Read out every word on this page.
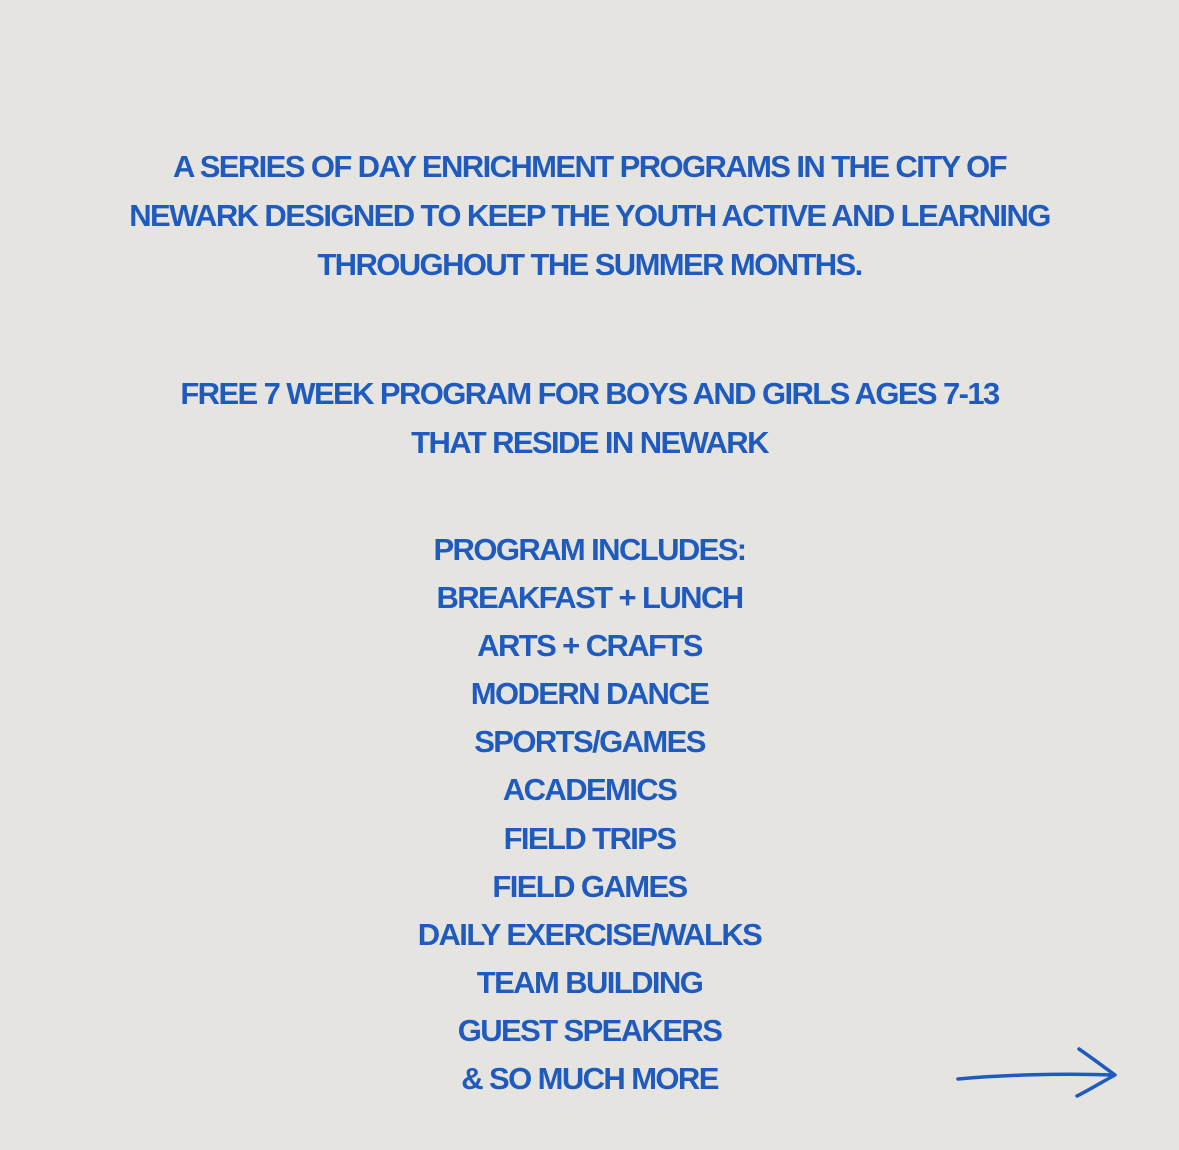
A SERIES OF DAY ENRICHMENT PROGRAMS IN THE CITY OF
NEWARK DESIGNED TO KEEP THE YOUTH ACTIVE AND LEARNING
THROUGHOUT THE SUMMER MONTHS.
FREE 7 WEEK PROGRAM FOR BOYS AND GIRLS AGES 7-13
THAT RESIDE IN NEWARK
PROGRAM INCLUDES:
BREAKFAST + LUNCH
ARTS + CRAFTS
MODERN DANCE
SPORTS/GAMES
ACADEMICS
FIELD TRIPS
FIELD GAMES
DAILY EXERCISE/WALKS
TEAM BUILDING
GUEST SPEAKERS
& SO MUCH MORE
